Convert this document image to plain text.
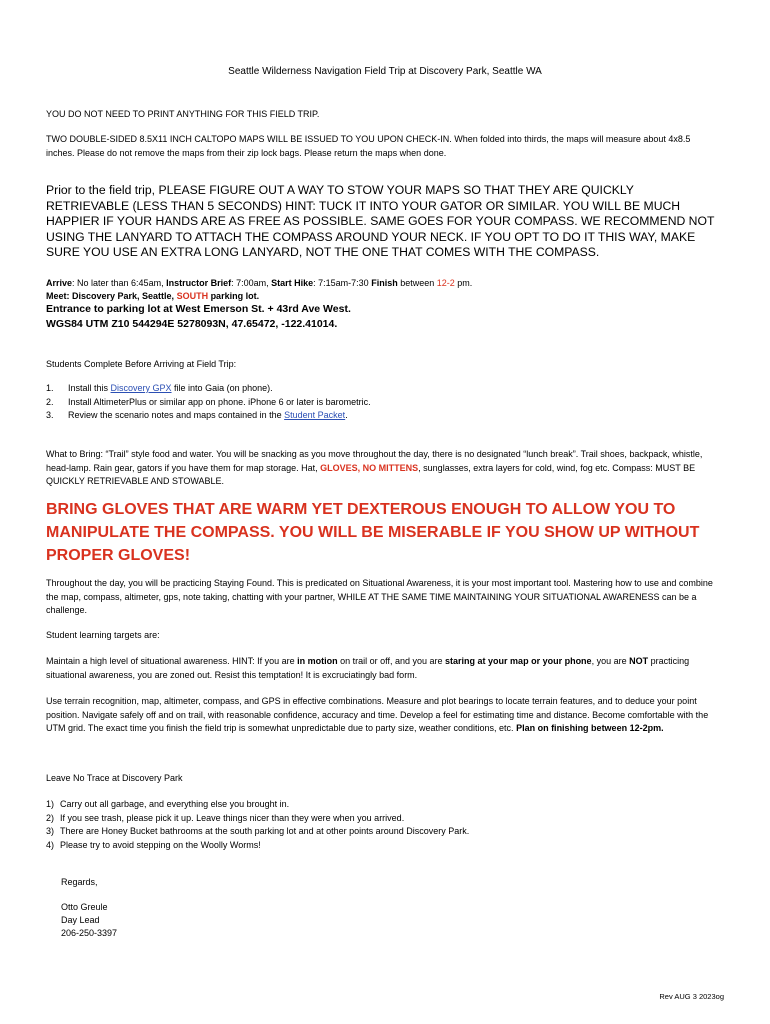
Seattle Wilderness Navigation Field Trip at Discovery Park, Seattle WA
YOU DO NOT NEED TO PRINT ANYTHING FOR THIS FIELD TRIP.
TWO DOUBLE-SIDED 8.5X11 INCH CALTOPO MAPS WILL BE ISSUED TO YOU UPON CHECK-IN. When folded into thirds, the maps will measure about 4x8.5 inches. Please do not remove the maps from their zip lock bags. Please return the maps when done.
Prior to the field trip, PLEASE FIGURE OUT A WAY TO STOW YOUR MAPS SO THAT THEY ARE QUICKLY RETRIEVABLE (LESS THAN 5 SECONDS) HINT: TUCK IT INTO YOUR GATOR OR SIMILAR. YOU WILL BE MUCH HAPPIER IF YOUR HANDS ARE AS FREE AS POSSIBLE. SAME GOES FOR YOUR COMPASS. WE RECOMMEND NOT USING THE LANYARD TO ATTACH THE COMPASS AROUND YOUR NECK. IF YOU OPT TO DO IT THIS WAY, MAKE SURE YOU USE AN EXTRA LONG LANYARD, NOT THE ONE THAT COMES WITH THE COMPASS.
Arrive: No later than 6:45am, Instructor Brief: 7:00am, Start Hike: 7:15am-7:30 Finish between 12-2 pm.
Meet: Discovery Park, Seattle, SOUTH parking lot.
Entrance to parking lot at West Emerson St. + 43rd Ave West.
WGS84 UTM Z10 544294E 5278093N, 47.65472, -122.41014.
Students Complete Before Arriving at Field Trip:
1. Install this Discovery GPX file into Gaia (on phone).
2. Install AltimeterPlus or similar app on phone. iPhone 6 or later is barometric.
3. Review the scenario notes and maps contained in the Student Packet.
What to Bring: “Trail” style food and water. You will be snacking as you move throughout the day, there is no designated “lunch break”. Trail shoes, backpack, whistle, head-lamp. Rain gear, gators if you have them for map storage. Hat, GLOVES, NO MITTENS, sunglasses, extra layers for cold, wind, fog etc. Compass: MUST BE QUICKLY RETRIEVABLE AND STOWABLE.
BRING GLOVES THAT ARE WARM YET DEXTEROUS ENOUGH TO ALLOW YOU TO MANIPULATE THE COMPASS. YOU WILL BE MISERABLE IF YOU SHOW UP WITHOUT PROPER GLOVES!
Throughout the day, you will be practicing Staying Found. This is predicated on Situational Awareness, it is your most important tool. Mastering how to use and combine the map, compass, altimeter, gps, note taking, chatting with your partner, WHILE AT THE SAME TIME MAINTAINING YOUR SITUATIONAL AWARENESS can be a challenge.
Student learning targets are:
Maintain a high level of situational awareness. HINT: If you are in motion on trail or off, and you are staring at your map or your phone, you are NOT practicing situational awareness, you are zoned out. Resist this temptation! It is excruciatingly bad form.
Use terrain recognition, map, altimeter, compass, and GPS in effective combinations. Measure and plot bearings to locate terrain features, and to deduce your point position. Navigate safely off and on trail, with reasonable confidence, accuracy and time. Develop a feel for estimating time and distance. Become comfortable with the UTM grid. The exact time you finish the field trip is somewhat unpredictable due to party size, weather conditions, etc. Plan on finishing between 12-2pm.
Leave No Trace at Discovery Park
1) Carry out all garbage, and everything else you brought in.
2) If you see trash, please pick it up. Leave things nicer than they were when you arrived.
3) There are Honey Bucket bathrooms at the south parking lot and at other points around Discovery Park.
4) Please try to avoid stepping on the Woolly Worms!
Regards,
Otto Greule
Day Lead
206-250-3397
Rev AUG 3 2023og
